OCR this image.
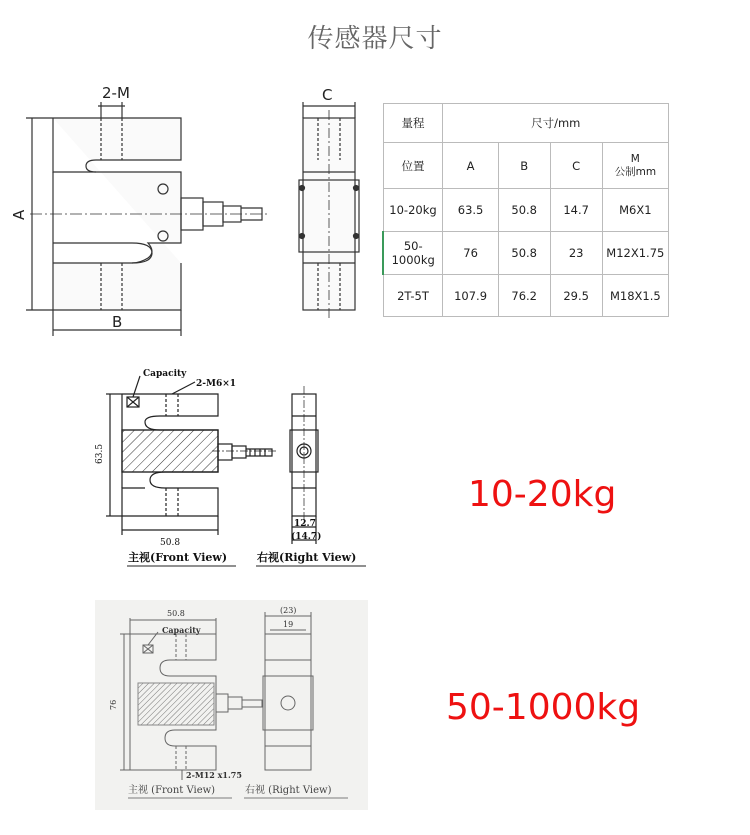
传感器尺寸
2-M
A
B
C
量程	尺寸/mm			
位置	A	B	C	M
公制mm

10-20kg	63.5	50.8	14.7	M6X1
50-1000kg	76	50.8	23	M12X1.75
2T-5T	107.9	76.2	29.5	M18X1.5
Capacity
2-M6×1
63.5
50.8
12.7
(14.7)
主视(Front View)	右视(Right View)
10-20kg
Capacity
2-M12 x1.75
76
50.8	(23)
19
主视 (Front View)	右视 (Right View)
50-1000kg
